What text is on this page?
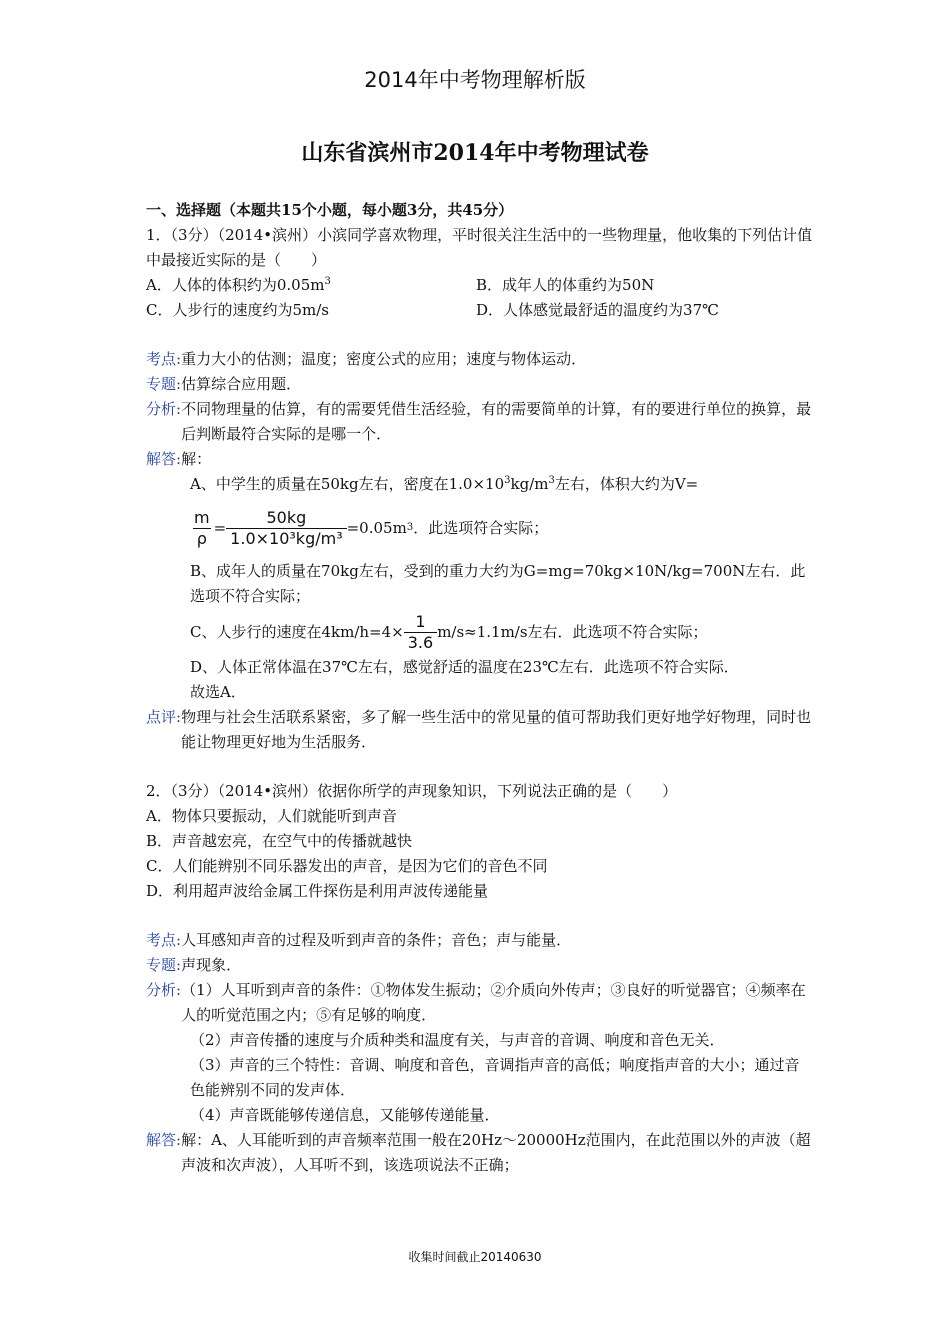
2014年中考物理解析版
山东省滨州市2014年中考物理试卷
一、选择题（本题共15个小题，每小题3分，共45分）
1．（3分）（2014•滨州）小滨同学喜欢物理，平时很关注生活中的一些物理量，他收集的下列估计值中最接近实际的是（　　）
A．人体的体积约为$0.05m^3$	B．成年人的体重约为50N
C．人步行的速度约为5m/s	D．人体感觉最舒适的温度约为37℃
考点: 重力大小的估测；温度；密度公式的应用；速度与物体运动．
专题: 估算综合应用题．
分析: 不同物理量的估算，有的需要凭借生活经验，有的需要简单的计算，有的要进行单位的换算，最后判断最符合实际的是哪一个．
解答: 解：
A、中学生的质量在50kg左右，密度在$1.0\times 10^3kg/m^3$左右，体积大约为V=
$\frac{m}{\rho} = \frac{50kg}{\text{1.0×10³kg/m³}} =0.05m$ 3 ．此选项符合实际；
B、成年人的质量在70kg左右，受到的重力大约为G=mg=70kg×10N/kg=700N左右．此选项不符合实际；
C、人步行的速度在$4km/h=4\times \frac{1}{3.6} m/s\approx 1.1m/s$左右．此选项不符合实际；
D、人体正常体温在37℃左右，感觉舒适的温度在23℃左右．此选项不符合实际．
故选A．
点评: 物理与社会生活联系紧密，多了解一些生活中的常见量的值可帮助我们更好地学好物理，同时也能让物理更好地为生活服务．
2．（3分）（2014•滨州）依据你所学的声现象知识，下列说法正确的是（　　）
A．物体只要振动，人们就能听到声音
B．声音越宏亮，在空气中的传播就越快
C．人们能辨别不同乐器发出的声音，是因为它们的音色不同
D．利用超声波给金属工件探伤是利用声波传递能量
考点: 人耳感知声音的过程及听到声音的条件；音色；声与能量．
专题: 声现象．
分析: （1）人耳听到声音的条件：①物体发生振动；②介质向外传声；③良好的听觉器官；④频率在人的听觉范围之内；⑤有足够的响度．
（2）声音传播的速度与介质种类和温度有关，与声音的音调、响度和音色无关．
（3）声音的三个特性：音调、响度和音色，音调指声音的高低；响度指声音的大小；通过音色能辨别不同的发声体．
（4）声音既能够传递信息，又能够传递能量．
解答: 解：A、人耳能听到的声音频率范围一般在20Hz～20000Hz范围内，在此范围以外的声波（超声波和次声波），人耳听不到，该选项说法不正确；
收集时间截止20140630
